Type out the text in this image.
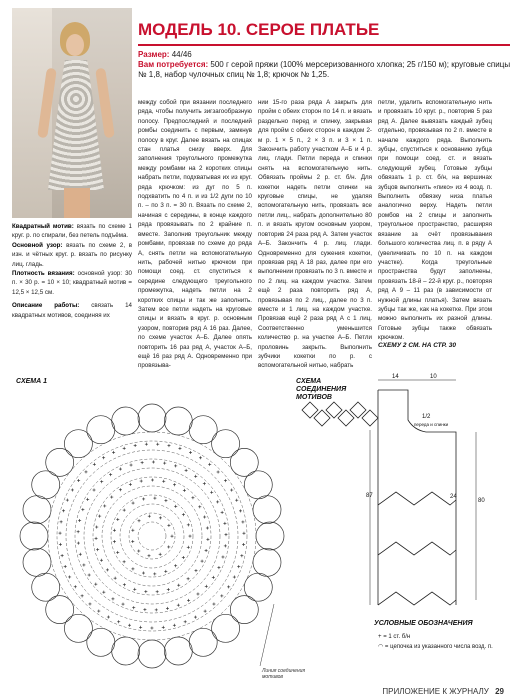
МОДЕЛЬ 10. СЕРОЕ ПЛАТЬЕ
Размер: 44/46
Вам потребуется: 500 г серой пряжи (100% мерсеризованного хлопка; 25 г/150 м); круговые спицы № 1,8, набор чулочных спиц № 1,8; крючок № 1,25.

Квадратный мотив: вязать по схеме 1 круг. р. по спирали, без петель подъёма.

Основной узор: вязать по схеме 2, в изн. и чётных круг. р. вязать по рисунку лиц. гладь.

Плотность вязания: основной узор: 30 п. × 30 р. = 10 × 10; квадратный мотив = 12,5 × 12,5 см.

Описание работы: связать 14 квадратных мотивов, соединяя их

между собой при вязании последнего ряда, чтобы получить зигзагообразную полосу. Предпоследний и последний ромбы соединить с первым, замкнув полосу в круг. Далее вязать на спицах стан платья снизу вверх. Для заполнения треугольного промежутка между ромбами на 2 коротких спицы набрать петли, подхватывая их из круг. ряда крючком: из дуг по 5 п. подхватить по 4 п. и из 1/2 дуги по 10 п. – по 3 п. = 30 п. Вязать по схеме 2, начиная с середины, в конце каждого ряда провязывать по 2 крайние п. вместе. Заполнив треугольник между ромбами, провязав по схеме до ряда А, снять петли на вспомогательную нить, рабочей нитью крючком при помощи соед. ст. спуститься к середине следующего треугольного промежутка, надеть петли на 2 коротких спицы и так же заполнить. Затем все петли надеть на круговые спицы и вязать в круг. р. основным узором, повторив ряд А 16 раз. Далее, по схеме участок А–Б. Далее опять повторить 16 раз ряд А, участок А–Б, ещё 16 раз ряд А. Одновременно при провязыва-

нии 15-го раза ряда А закрыть для пройм с обеих сторон по 14 п. и вязать раздельно перед и спинку, закрывая для пройм с обеих сторон в каждом 2-м р. 1 × 5 п., 2 × 3 п. и 3 × 1 п. Закончить работу участком А–Б и 4 р. лиц. глади. Петли переда и спинки снять на вспомогательную нить. Обвязать проймы 2 р. ст. б/н. Для кокетки надеть петли спинки на круговые спицы, не удаляя вспомогательную нить, провязать все петли лиц., набрать дополнительно 80 п. и вязать кругом основным узором, повторив 24 раза ряд А. Затем участок А–Б. Закончить 4 р. лиц. глади. Одновременно для сужения кокетки, провязав ряд А 18 раз, далее при его выполнении провязать по 3 п. вместе и по 2 лиц. на каждом участке. Затем ещё 2 раза повторить ряд А, провязывая по 2 лиц., далее по 3 п. вместе и 1 лиц. на каждом участке. Провязав ещё 2 раза ряд А с 1 лиц. Соответственно уменьшится количество р. на участке А–Б. Петли проловинь закрыть. Выполнить зубчики кокетки по р. с вспомогательной нитью, набрать

петли, удалить вспомогательную нить и провязать 10 круг. р., повторив 5 раз ряд А. Далее вывязать каждый зубец отдельно, провязывая по 2 п. вместе в начале каждого ряда. Выполнить зубцы, спуститься к основанию зубца при помощи соед. ст. и вязать следующий зубец. Готовые зубцы обвязать 1 р. ст. б/н, на вершинах зубцов выполнить «пико» из 4 возд. п. Выполнить обвязку низа платья аналогично верху. Надеть петли ромбов на 2 спицы и заполнить треугольное пространство, расширяя вязание за счёт провязывания большого количества лиц. п. в ряду А (увеличивать по 10 п. на каждом участке). Когда треугольные пространства будут заполнены, провязать 18-й – 22-й круг. р., повторяя ряд А 9 – 11 раз (в зависимости от нужной длины платья). Затем вязать зубцы так же, как на кокетке. При этом можно выполнить их разной длины. Готовые зубцы также обвязать крючком.

СХЕМУ 2 СМ. НА СТР. 30
СХЕМА 1
Линия соединения мотивов
СХЕМА СОЕДИНЕНИЯ МОТИВОВ
14	10
87
80
24
1/2
переда и спинки
УСЛОВНЫЕ ОБОЗНАЧЕНИЯ
+ = 1 ст. б/н
◠ = цепочка из указанного числа возд. п.
ПРИЛОЖЕНИЕ К ЖУРНАЛУ 29
